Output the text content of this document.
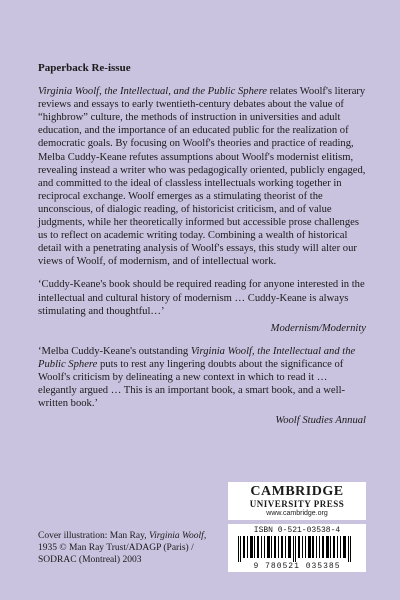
Paperback Re-issue

Virginia Woolf, the Intellectual, and the Public Sphere relates Woolf's literary reviews and essays to early twentieth-century debates about the value of “highbrow” culture, the methods of instruction in universities and adult education, and the importance of an educated public for the realization of democratic goals. By focusing on Woolf's theories and practice of reading, Melba Cuddy-Keane refutes assumptions about Woolf's modernist elitism, revealing instead a writer who was pedagogically oriented, publicly engaged, and committed to the ideal of classless intellectuals working together in reciprocal exchange. Woolf emerges as a stimulating theorist of the unconscious, of dialogic reading, of historicist criticism, and of value judgments, while her theoretically informed but accessible prose challenges us to reflect on academic writing today. Combining a wealth of historical detail with a penetrating analysis of Woolf's essays, this study will alter our views of Woolf, of modernism, and of intellectual work.

‘Cuddy-Keane's book should be required reading for anyone interested in the intellectual and cultural history of modernism … Cuddy-Keane is always stimulating and thoughtful…’

Modernism/Modernity

‘Melba Cuddy-Keane's outstanding Virginia Woolf, the Intellectual and the Public Sphere puts to rest any lingering doubts about the significance of Woolf's criticism by delineating a new context in which to read it … elegantly argued … This is an important book, a smart book, and a well-written book.’

Woolf Studies Annual
CAMBRIDGE
UNIVERSITY PRESS
www.cambridge.org
ISBN 0-521-03538-4
9 780521 035385
Cover illustration: Man Ray, Virginia Woolf, 1935 © Man Ray Trust/ADAGP (Paris) / SODRAC (Montreal) 2003
